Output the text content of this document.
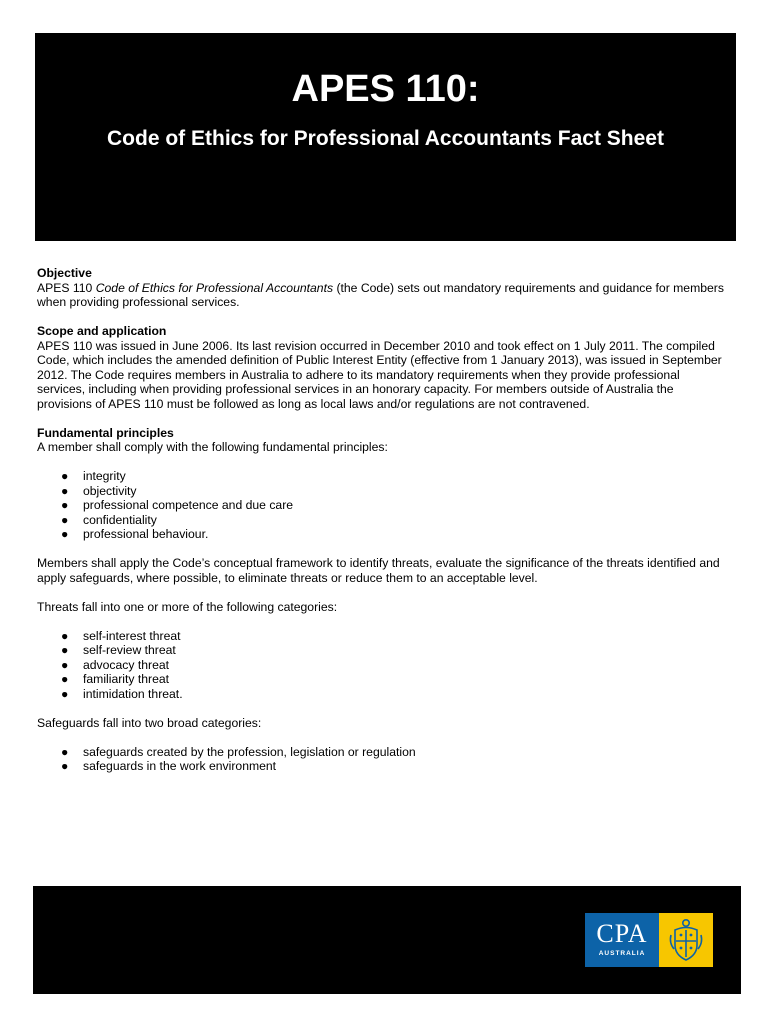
APES 110:
Code of Ethics for Professional Accountants Fact Sheet
Objective

APES 110 Code of Ethics for Professional Accountants (the Code) sets out mandatory requirements and guidance for members when providing professional services.

Scope and application

APES 110 was issued in June 2006. Its last revision occurred in December 2010 and took effect on 1 July 2011. The compiled Code, which includes the amended definition of Public Interest Entity (effective from 1 January 2013), was issued in September 2012. The Code requires members in Australia to adhere to its mandatory requirements when they provide professional services, including when providing professional services in an honorary capacity. For members outside of Australia the provisions of APES 110 must be followed as long as local laws and/or regulations are not contravened.

Fundamental principles

A member shall comply with the following fundamental principles:

● integrity
● objectivity
● professional competence and due care
● confidentiality
● professional behaviour.

Members shall apply the Code’s conceptual framework to identify threats, evaluate the significance of the threats identified and apply safeguards, where possible, to eliminate threats or reduce them to an acceptable level.

Threats fall into one or more of the following categories:

● self-interest threat
● self-review threat
● advocacy threat
● familiarity threat
● intimidation threat.

Safeguards fall into two broad categories:

● safeguards created by the profession, legislation or regulation
● safeguards in the work environment
CPA
AUSTRALIA
